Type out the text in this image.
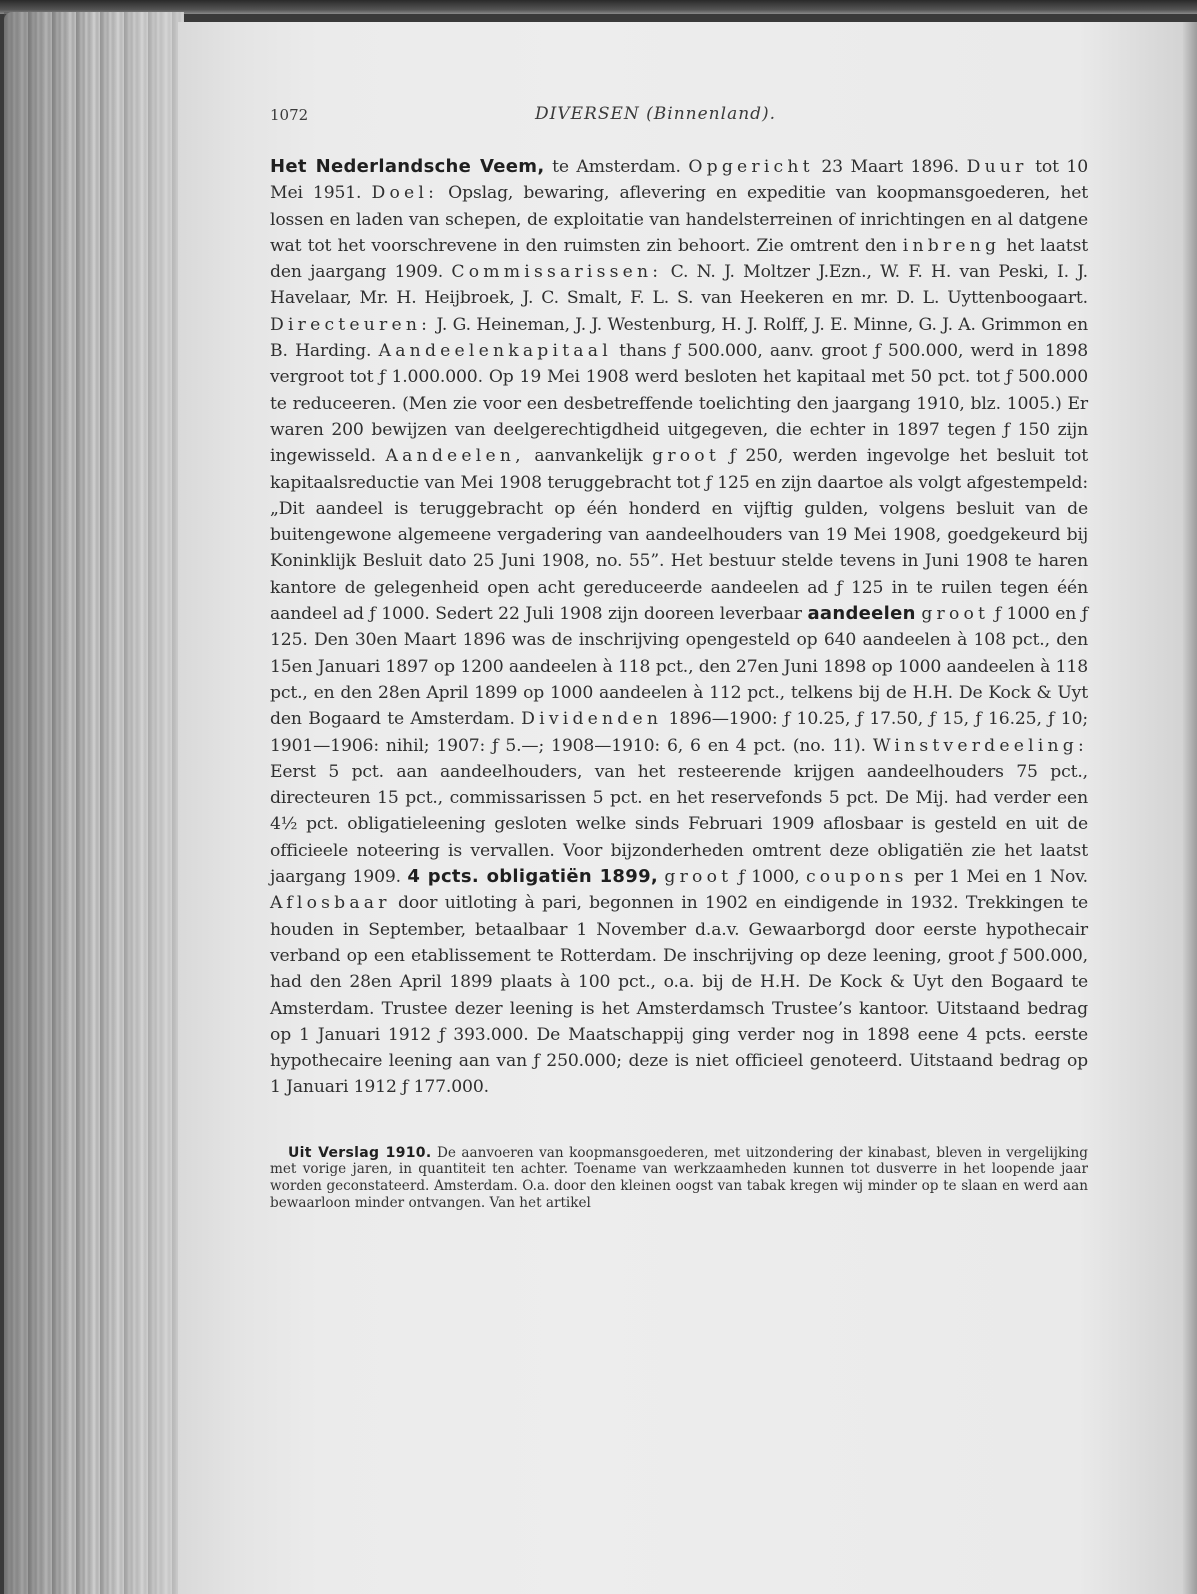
1072	DIVERSEN (Binnenland).

Het Nederlandsche Veem, te Amsterdam. Opgericht 23 Maart 1896. Duur tot 10 Mei 1951. Doel: Opslag, bewaring, aflevering en expeditie van koopmansgoederen, het lossen en laden van schepen, de exploitatie van handelsterreinen of inrichtingen en al datgene wat tot het voorschrevene in den ruimsten zin behoort. Zie omtrent den inbreng het laatst den jaargang 1909. Commissarissen: C. N. J. Moltzer J.Ezn., W. F. H. van Peski, I. J. Havelaar, Mr. H. Heijbroek, J. C. Smalt, F. L. S. van Heekeren en mr. D. L. Uyttenboogaart. Directeuren: J. G. Heineman, J. J. Westenburg, H. J. Rolff, J. E. Minne, G. J. A. Grimmon en B. Harding. Aandeelenkapitaal thans ƒ 500.000, aanv. groot ƒ 500.000, werd in 1898 vergroot tot ƒ 1.000.000. Op 19 Mei 1908 werd besloten het kapitaal met 50 pct. tot ƒ 500.000 te reduceeren. (Men zie voor een desbetreffende toelichting den jaargang 1910, blz. 1005.) Er waren 200 bewijzen van deelgerechtigdheid uitgegeven, die echter in 1897 tegen ƒ 150 zijn ingewisseld. Aandeelen, aanvankelijk groot ƒ 250, werden ingevolge het besluit tot kapitaalsreductie van Mei 1908 teruggebracht tot ƒ 125 en zijn daartoe als volgt afgestempeld: „Dit aandeel is teruggebracht op één honderd en vijftig gulden, volgens besluit van de buitengewone algemeene vergadering van aandeelhouders van 19 Mei 1908, goedgekeurd bij Koninklijk Besluit dato 25 Juni 1908, no. 55”. Het bestuur stelde tevens in Juni 1908 te haren kantore de gelegenheid open acht gereduceerde aandeelen ad ƒ 125 in te ruilen tegen één aandeel ad ƒ 1000. Sedert 22 Juli 1908 zijn dooreen leverbaar aandeelen groot ƒ 1000 en ƒ 125. Den 30en Maart 1896 was de inschrijving opengesteld op 640 aandeelen à 108 pct., den 15en Januari 1897 op 1200 aandeelen à 118 pct., den 27en Juni 1898 op 1000 aandeelen à 118 pct., en den 28en April 1899 op 1000 aandeelen à 112 pct., telkens bij de H.H. De Kock & Uyt den Bogaard te Amsterdam. Dividenden 1896—1900: ƒ 10.25, ƒ 17.50, ƒ 15, ƒ 16.25, ƒ 10; 1901—1906: nihil; 1907: ƒ 5.—; 1908—1910: 6, 6 en 4 pct. (no. 11). Winstverdeeling: Eerst 5 pct. aan aandeelhouders, van het resteerende krijgen aandeelhouders 75 pct., directeuren 15 pct., commissarissen 5 pct. en het reservefonds 5 pct. De Mij. had verder een 4½ pct. obligatieleening gesloten welke sinds Februari 1909 aflosbaar is gesteld en uit de officieele noteering is vervallen. Voor bijzonderheden omtrent deze obligatiën zie het laatst jaargang 1909. 4 pcts. obligatiën 1899, groot ƒ 1000, coupons per 1 Mei en 1 Nov. Aflosbaar door uitloting à pari, begonnen in 1902 en eindigende in 1932. Trekkingen te houden in September, betaalbaar 1 November d.a.v. Gewaarborgd door eerste hypothecair verband op een etablissement te Rotterdam. De inschrijving op deze leening, groot ƒ 500.000, had den 28en April 1899 plaats à 100 pct., o.a. bij de H.H. De Kock & Uyt den Bogaard te Amsterdam. Trustee dezer leening is het Amsterdamsch Trustee’s kantoor. Uitstaand bedrag op 1 Januari 1912 ƒ 393.000. De Maatschappij ging verder nog in 1898 eene 4 pcts. eerste hypothecaire leening aan van ƒ 250.000; deze is niet officieel genoteerd. Uitstaand bedrag op 1 Januari 1912 ƒ 177.000.

Uit Verslag 1910. De aanvoeren van koopmansgoederen, met uitzondering der kinabast, bleven in vergelijking met vorige jaren, in quantiteit ten achter. Toename van werkzaamheden kunnen tot dusverre in het loopende jaar worden geconstateerd. Amsterdam. O.a. door den kleinen oogst van tabak kregen wij minder op te slaan en werd aan bewaarloon minder ontvangen. Van het artikel
